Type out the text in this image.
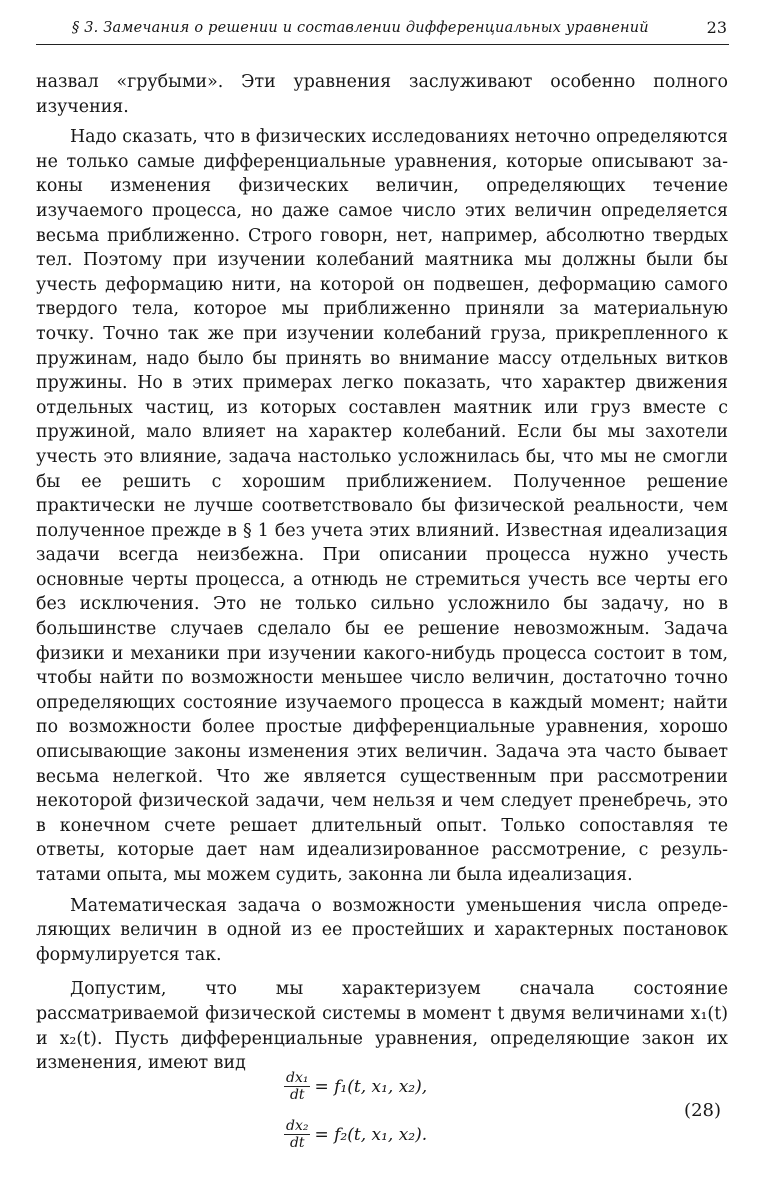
§ 3. Замечания о решении и составлении дифференциальных уравнений	23

назвал «грубыми». Эти уравнения заслуживают особенно полного изучения.

Надо сказать, что в физических исследованиях неточно определяются не только самые дифференциальные уравнения, которые описывают законы изменения физических величин, определяющих течение изучаемого процесса, но даже самое число этих величин определяется весьма приближенно. Строго говорн, нет, например, абсолютно твердых тел. Поэтому при изучении колебаний маятника мы должны были бы учесть деформацию нити, на которой он подвешен, деформацию самого твердого тела, которое мы приближенно приняли за материальную точку. Точно так же при изучении колебаний груза, прикрепленного к пружинам, надо было бы принять во внимание массу отдельных витков пружины. Но в этих примерах легко показать, что характер движения отдельных частиц, из которых составлен маятник или груз вместе с пружиной, мало влияет на характер колебаний. Если бы мы захотели учесть это влияние, задача настолько усложнилась бы, что мы не смогли бы ее решить с хорошим приближением. Полученное решение практически не лучше соответствовало бы физической реальности, чем полученное прежде в § 1 без учета этих влияний. Известная идеализация задачи всегда неизбежна. При описании процесса нужно учесть основные черты процесса, а отнюдь не стремиться учесть все черты его без исключения. Это не только сильно усложнило бы задачу, но в большинстве случаев сделало бы ее решение невозможным. Задача физики и механики при изучении какого-нибудь процесса состоит в том, чтобы найти по возможности меньшее число величин, достаточно точно определяющих состояние изучаемого процесса в каждый момент; найти по возможности более простые дифференциальные уравнения, хорошо описывающие законы изменения этих величин. Задача эта часто бывает весьма нелегкой. Что же является существенным при рассмотрении некоторой физической задачи, чем нельзя и чем следует пренебречь, это в конечном счете решает длительный опыт. Только сопоставляя те ответы, которые дает нам идеализированное рассмотрение, с результатами опыта, мы можем судить, законна ли была идеализация.

Математическая задача о возможности уменьшения числа определяющих величин в одной из ее простейших и характерных постановок формулируется так.

Допустим, что мы характеризуем сначала состояние рассматриваемой физической системы в момент t двумя величинами x₁(t) и x₂(t). Пусть дифференциальные уравнения, определяющие закон их изменения, имеют вид

$\frac{\text{dx₁}}{dt} = f_1(t$, x₁, x₂),
$\frac{\text{dx₂}}{dt} = f_2(t$, x₁, x₂).
(28)
